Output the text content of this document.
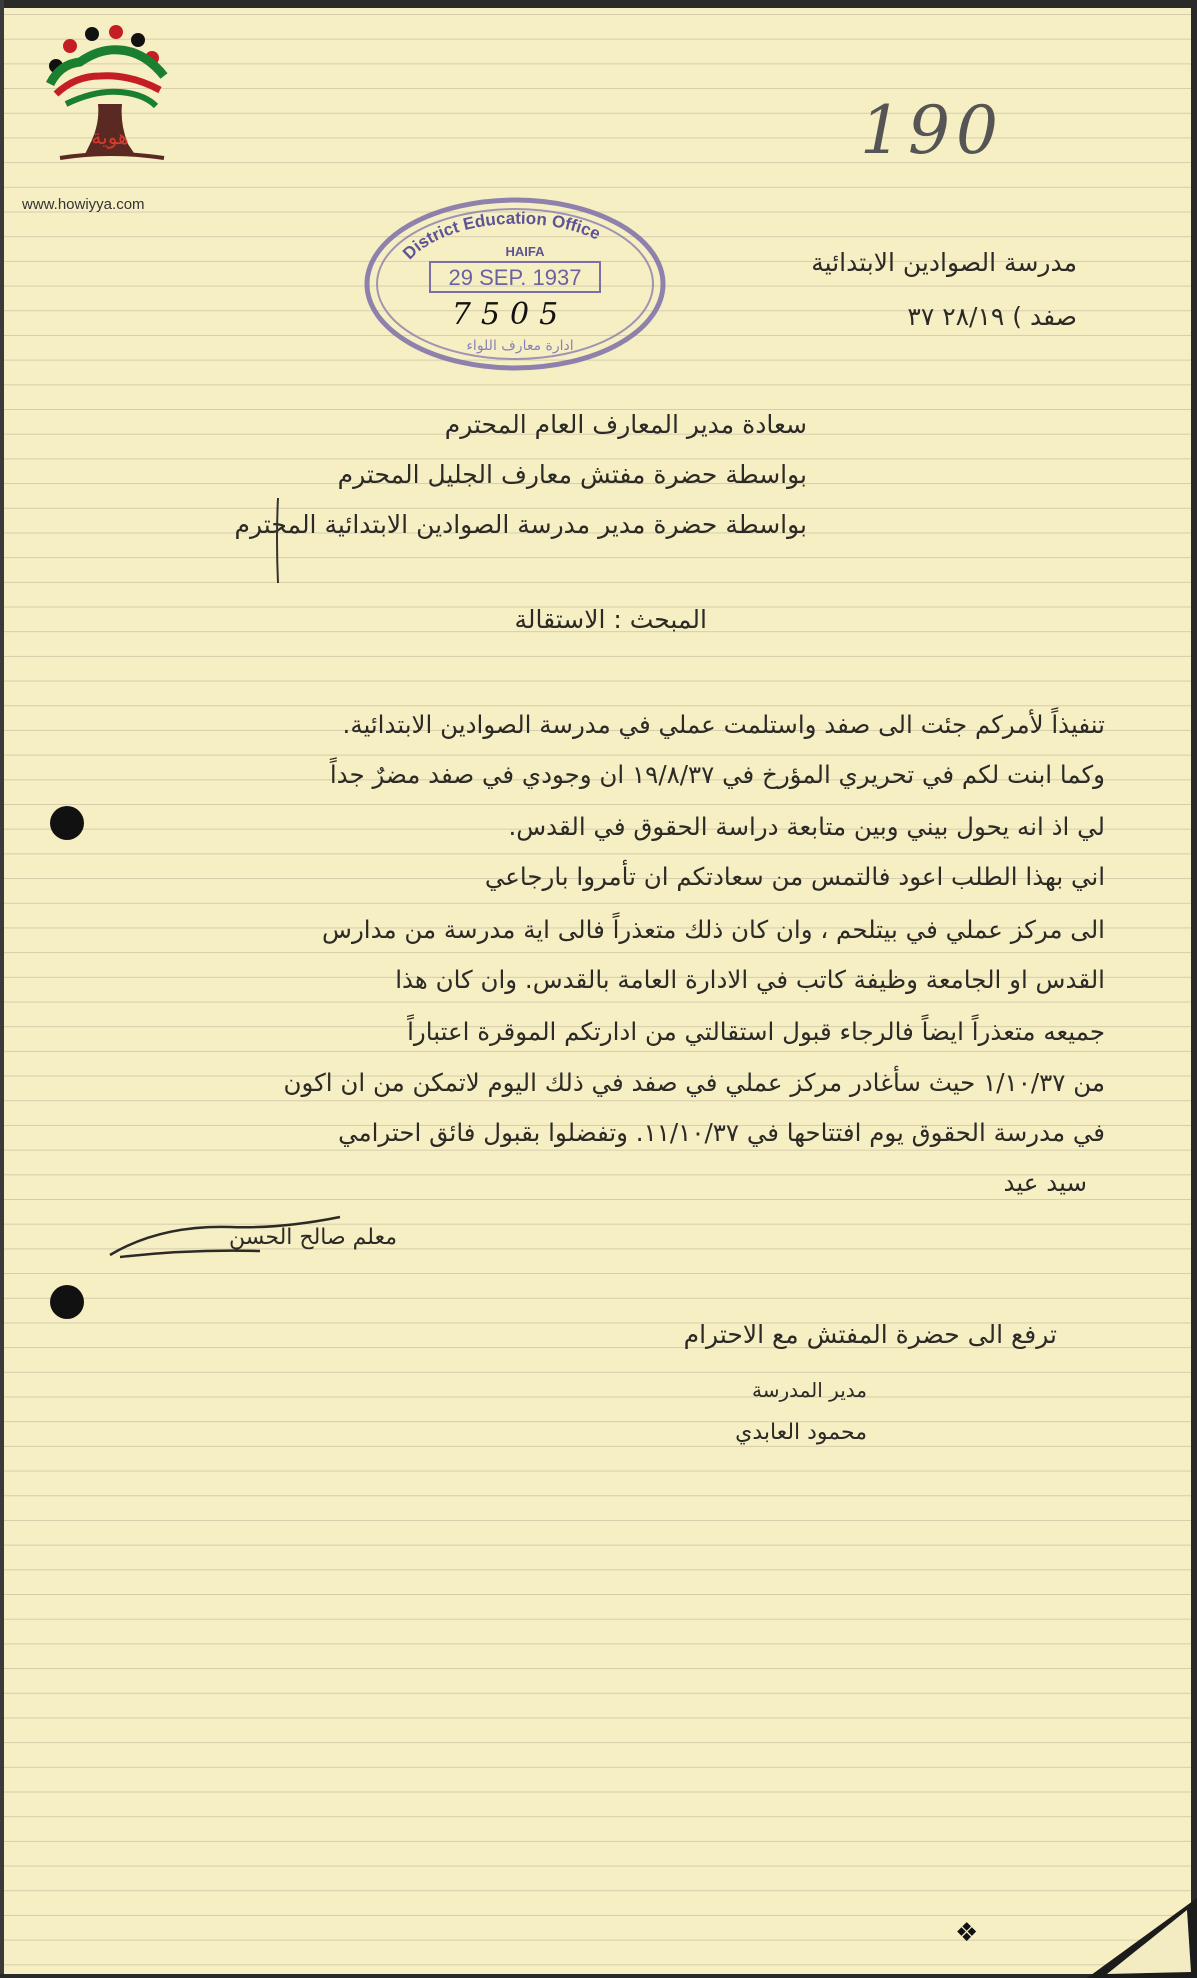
هوية
www.howiyya.com
190
District Education Office
HAIFA
29 SEP. 1937
7505
ادارة معارف اللواء
مدرسة الصوادين الابتدائية
صفد ) ٢٨/١٩ ٣٧
سعادة مدير المعارف العام المحترم
بواسطة حضرة مفتش معارف الجليل المحترم
بواسطة حضرة مدير مدرسة الصوادين الابتدائية المحترم
المبحث : الاستقالة
تنفيذاً لأمركم جئت الى صفد واستلمت عملي في مدرسة الصوادين الابتدائية.
وكما ابنت لكم في تحريري المؤرخ في ١٩/٨/٣٧ ان وجودي في صفد مضرٌ جداً
لي اذ انه يحول بيني وبين متابعة دراسة الحقوق في القدس.
اني بهذا الطلب اعود فالتمس من سعادتكم ان تأمروا بارجاعي
الى مركز عملي في بيتلحم ، وان كان ذلك متعذراً فالى اية مدرسة من مدارس
القدس او الجامعة وظيفة كاتب في الادارة العامة بالقدس. وان كان هذا
جميعه متعذراً ايضاً فالرجاء قبول استقالتي من ادارتكم الموقرة اعتباراً
من ١/١٠/٣٧ حيث سأغادر مركز عملي في صفد في ذلك اليوم لاتمكن من ان اكون
في مدرسة الحقوق يوم افتتاحها في ١١/١٠/٣٧. وتفضلوا بقبول فائق احترامي
سيد عيد
معلم صالح الحسن
ترفع الى حضرة المفتش مع الاحترام
مدير المدرسة
محمود العابدي
❖
